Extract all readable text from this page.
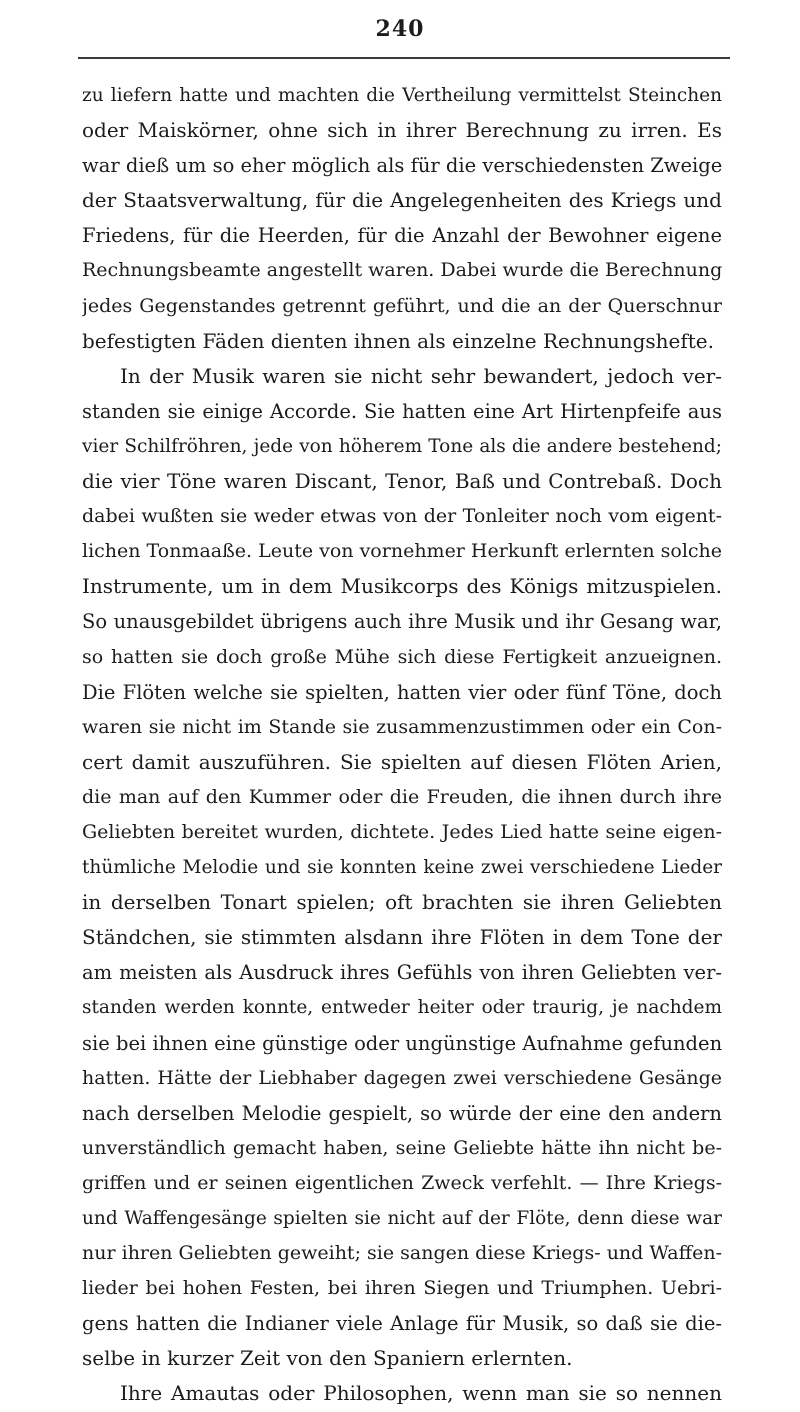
240
zu liefern hatte und machten die Vertheilung vermittelst Steinchen
oder Maiskörner, ohne sich in ihrer Berechnung zu irren. Es
war dieß um so eher möglich als für die verschiedensten Zweige
der Staatsverwaltung, für die Angelegenheiten des Kriegs und
Friedens, für die Heerden, für die Anzahl der Bewohner eigene
Rechnungsbeamte angestellt waren. Dabei wurde die Berechnung
jedes Gegenstandes getrennt geführt, und die an der Querschnur
befestigten Fäden dienten ihnen als einzelne Rechnungshefte.
In der Musik waren sie nicht sehr bewandert, jedoch ver-
standen sie einige Accorde. Sie hatten eine Art Hirtenpfeife aus
vier Schilfröhren, jede von höherem Tone als die andere bestehend;
die vier Töne waren Discant, Tenor, Baß und Contrebaß. Doch
dabei wußten sie weder etwas von der Tonleiter noch vom eigent-
lichen Tonmaaße. Leute von vornehmer Herkunft erlernten solche
Instrumente, um in dem Musikcorps des Königs mitzuspielen.
So unausgebildet übrigens auch ihre Musik und ihr Gesang war,
so hatten sie doch große Mühe sich diese Fertigkeit anzueignen.
Die Flöten welche sie spielten, hatten vier oder fünf Töne, doch
waren sie nicht im Stande sie zusammenzustimmen oder ein Con-
cert damit auszuführen. Sie spielten auf diesen Flöten Arien,
die man auf den Kummer oder die Freuden, die ihnen durch ihre
Geliebten bereitet wurden, dichtete. Jedes Lied hatte seine eigen-
thümliche Melodie und sie konnten keine zwei verschiedene Lieder
in derselben Tonart spielen; oft brachten sie ihren Geliebten
Ständchen, sie stimmten alsdann ihre Flöten in dem Tone der
am meisten als Ausdruck ihres Gefühls von ihren Geliebten ver-
standen werden konnte, entweder heiter oder traurig, je nachdem
sie bei ihnen eine günstige oder ungünstige Aufnahme gefunden
hatten. Hätte der Liebhaber dagegen zwei verschiedene Gesänge
nach derselben Melodie gespielt, so würde der eine den andern
unverständlich gemacht haben, seine Geliebte hätte ihn nicht be-
griffen und er seinen eigentlichen Zweck verfehlt. — Ihre Kriegs-
und Waffengesänge spielten sie nicht auf der Flöte, denn diese war
nur ihren Geliebten geweiht; sie sangen diese Kriegs- und Waffen-
lieder bei hohen Festen, bei ihren Siegen und Triumphen. Uebri-
gens hatten die Indianer viele Anlage für Musik, so daß sie die-
selbe in kurzer Zeit von den Spaniern erlernten.
Ihre Amautas oder Philosophen, wenn man sie so nennen
